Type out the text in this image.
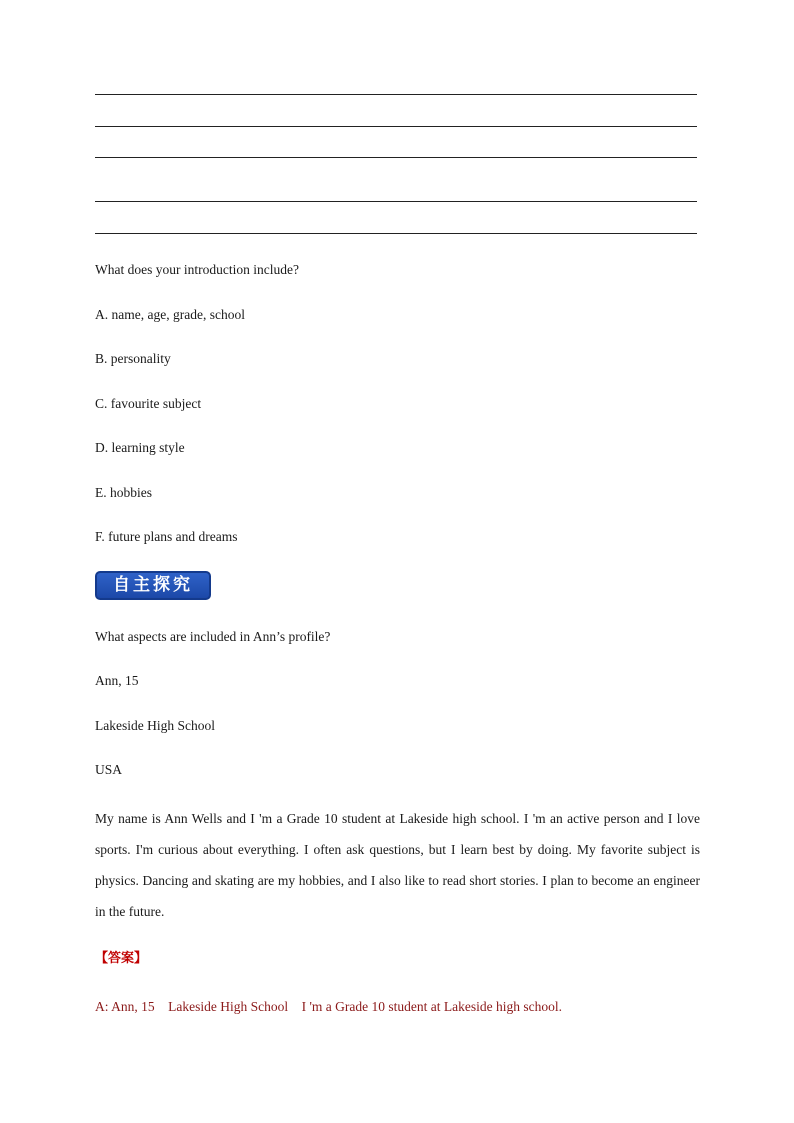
What does your introduction include?
A. name, age, grade, school
B. personality
C. favourite subject
D. learning style
E. hobbies
F. future plans and dreams
自主探究
What aspects are included in Ann’s profile?
Ann, 15
Lakeside High School
USA
My name is Ann Wells and I 'm a Grade 10 student at Lakeside high school. I 'm an active person and I love sports. I'm curious about everything. I often ask questions, but I learn best by doing. My favorite subject is physics. Dancing and skating are my hobbies, and I also like to read short stories. I plan to become an engineer in the future.
【答案】
A: Ann, 15    Lakeside High School    I 'm a Grade 10 student at Lakeside high school.
